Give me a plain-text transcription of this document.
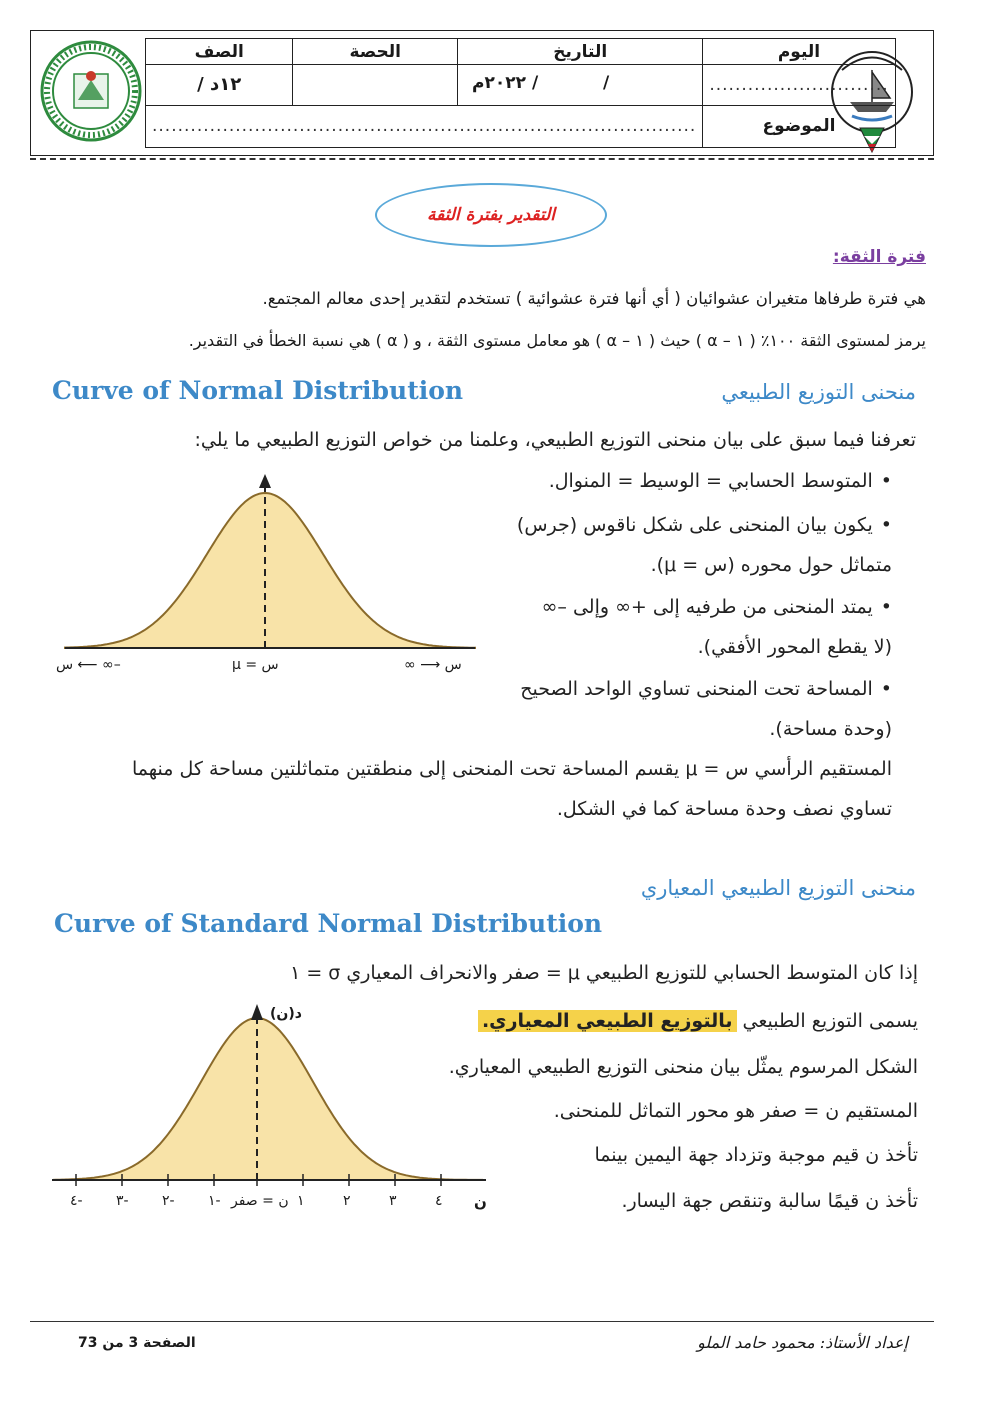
الصف	الحصة	التاريخ	اليوم
١٢د /		/ ٢٠٢٢م /	............................
.....................................................................................			الموضوع
التقدير بفترة الثقة
فترة الثقة:
هي فترة طرفاها متغيران عشوائيان ( أي أنها فترة عشوائية ) تستخدم لتقدير إحدى معالم المجتمع.
يرمز لمستوى الثقة ١٠٠٪ ( ١ – α ) حيث ( ١ – α ) هو معامل مستوى الثقة ، و ( α ) هي نسبة الخطأ في التقدير.
Curve of Normal Distribution	منحنى التوزيع الطبيعي
تعرفنا فيما سبق على بيان منحنى التوزيع الطبيعي، وعلمنا من خواص التوزيع الطبيعي ما يلي:
• المتوسط الحسابي = الوسيط = المنوال.
• يكون بيان المنحنى على شكل ناقوس (جرس)
متماثل حول محوره (س = μ).
• يمتد المنحنى من طرفيه إلى +∞ وإلى –∞
(لا يقطع المحور الأفقي).
• المساحة تحت المنحنى تساوي الواحد الصحيح
(وحدة مساحة).
المستقيم الرأسي س = μ يقسم المساحة تحت المنحنى إلى منطقتين متماثلتين مساحة كل منهما
تساوي نصف وحدة مساحة كما في الشكل.
–∞ ⟵ س	س = μ	س ⟶ ∞
منحنى التوزيع الطبيعي المعياري
Curve of Standard Normal Distribution
إذا كان المتوسط الحسابي للتوزيع الطبيعي μ = صفر والانحراف المعياري σ = ١
يسمى التوزيع الطبيعي بالتوزيع الطبيعي المعياري.
الشكل المرسوم يمثّل بيان منحنى التوزيع الطبيعي المعياري.
المستقيم ن = صفر هو محور التماثل للمنحنى.
تأخذ ن قيم موجبة وتزداد جهة اليمين بينما
تأخذ ن قيمًا سالبة وتنقص جهة اليسار.
د(ن)
-٤ -٣ -٢ -١ ن = صفر ١	٢	٣	٤ ن
إعداد الأستاذ: محمود حامد الملو
الصفحة 3 من 73
